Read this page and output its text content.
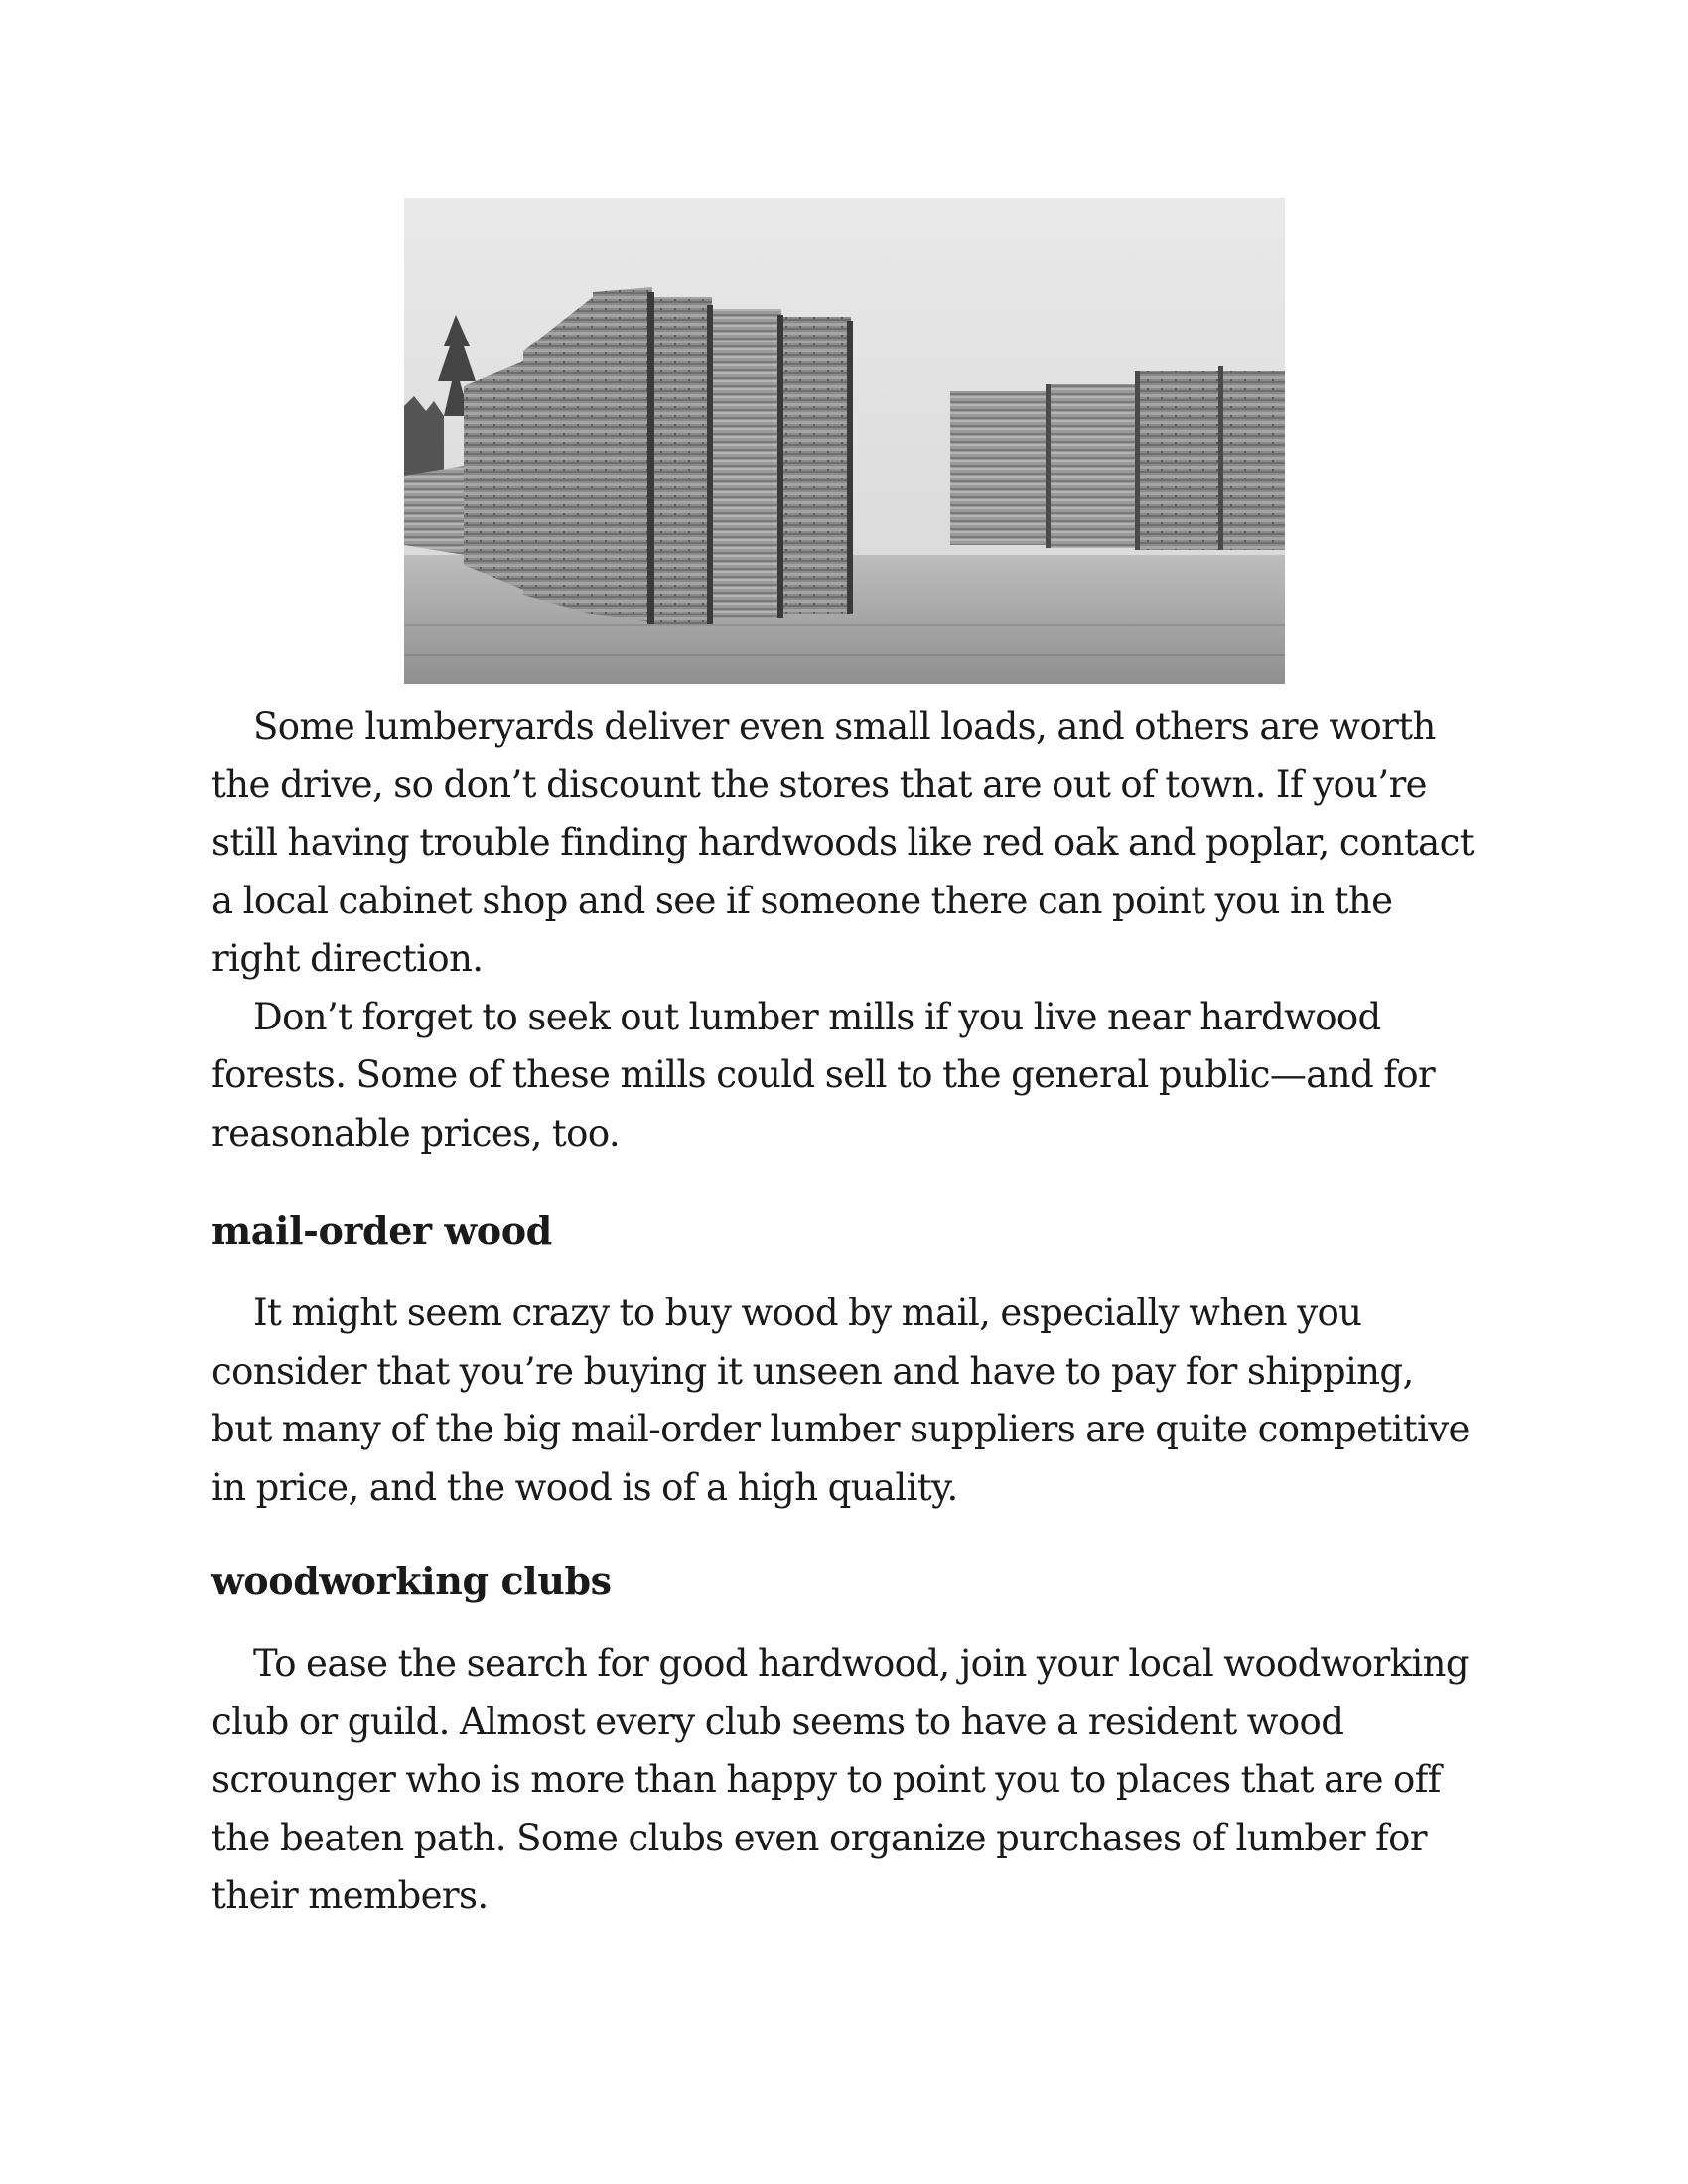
Some lumberyards deliver even small loads, and others are worth the drive, so don’t discount the stores that are out of town. If you’re still having trouble finding hardwoods like red oak and poplar, contact a local cabinet shop and see if someone there can point you in the right direction.

Don’t forget to seek out lumber mills if you live near hardwood forests. Some of these mills could sell to the general public—and for reasonable prices, too.

mail-order wood

It might seem crazy to buy wood by mail, especially when you consider that you’re buying it unseen and have to pay for shipping, but many of the big mail-order lumber suppliers are quite competitive in price, and the wood is of a high quality.

woodworking clubs

To ease the search for good hardwood, join your local woodworking club or guild. Almost every club seems to have a resident wood scrounger who is more than happy to point you to places that are off the beaten path. Some clubs even organize purchases of lumber for their members.
